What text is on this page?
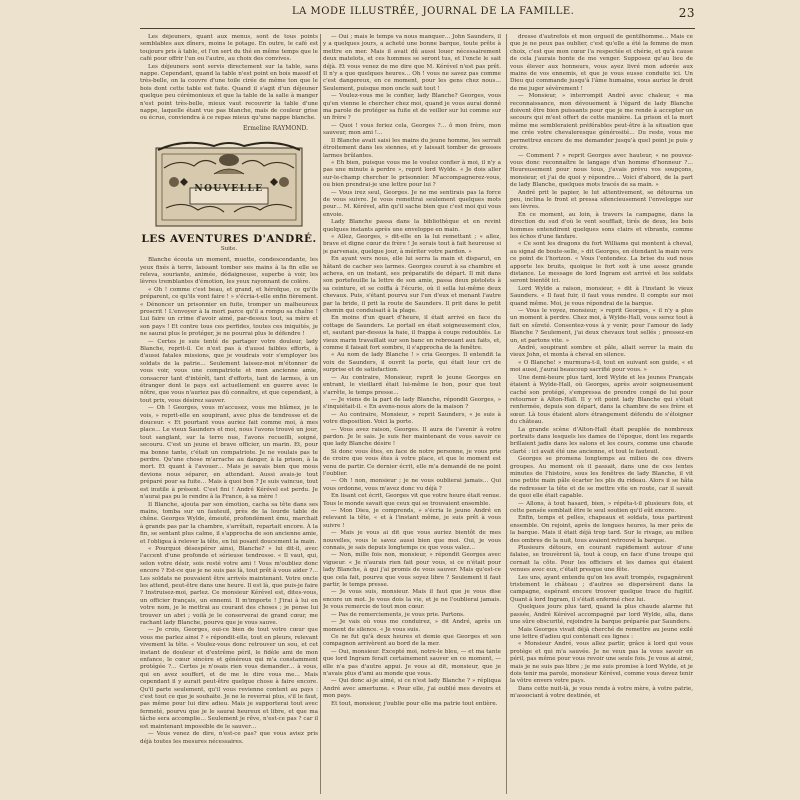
LA MODE ILLUSTRÉE, JOURNAL DE LA FAMILLE.	23

Les déjeuners, quant aux menus, sont de tous points semblables aux dîners, moins le potage. En outre, le café est toujours pris à table, et l'on sert du thé en même temps que le café pour offrir l'un ou l'autre, au choix des convives.

Les déjeuners sont servis directement sur la table, sans nappe. Cependant, quand la table n'est point en bois massif et très-belle, on la couvre d'une toile cirée de même ton que le bois dont cette table est faite. Quand il s'agit d'un déjeuner quelque peu cérémonieux et que la table de la salle à manger n'est point très-belle, mieux vaut recouvrir la table d'une nappe, laquelle étant vue pas blanche, mais de couleur grise ou écrue, conviendra à ce repas mieux qu'une nappe blanche.

Ermeline RAYMOND.
NOUVELLE
LES AVENTURES D'ANDRÉ.
Suite.

Blanche écouta un moment, muette, condescendante, les yeux fixés à terre, laissant tomber ses mains à la fin elle se releva, souriante, animée, dédaigneuse, superbe à voir, les lèvres tremblantes d'émotion, les yeux rayonnant de colère.

« Oh ! comme c'est beau, et grand, et héroïque, ce qu'ils préparent, ce qu'ils vont faire ! » s'écria-t-elle enfin fièrement. « Dénoncer un prisonnier en fuite, tromper un malheureux proscrit ! L'envoyer à la mort parce qu'il a rompu sa chaîne ! Lui faire un crime d'avoir aimé, par-dessus tout, sa mère et son pays ! Et contre tous ces perfides, toutes ces iniquités, je ne saurai plus le protéger, je ne pourrai plus le défendre !

— Certes je suis tenté de partager votre douleur, lady Blanche, reprit-il. Ce n'est pas à d'aussi faibles efforts, à d'aussi fatales missions, que je voudrais voir s'employer les soldats de la patrie… Seulement laissez-moi m'étonner de vous voir, vous une compatriote et mon ancienne amie, consacrer tant d'intérêt, tant d'efforts, tant de larmes, à un étranger dont le pays est actuellement en guerre avec le nôtre, que vous n'auriez pas dû connaître, et que cependant, à tout prix, vous désirez sauver.

— Oh ! Georges, vous m'accusez, vous me blâmez, je le vois, » reprit-elle en soupirant, avec plus de tendresse et de douceur. « Et pourtant vous auriez fait comme moi, à mes place… Le vieux Saunders et moi, nous l'avons trouvé un jour, tout sanglant, sur la terre nue, l'avons recueilli, soigné, secouru. C'est un jeune et brave officier, un marin. Et, pour ma bonne tante, c'était un compatriote. Je ne voulais pas te perdre. Qu'une chose m'arrache au danger, à la prison, à la mort. Et quant à l'avouer… Mais je savais bien que mous devions nous séparer, en attendant. Aussi avais-je tout préparé pour sa fuite… Mais à quoi bon ? Je suis vaincue, tout est inutile à présent. C'est fini ! André Kérével est perdu. Je n'aurai pas pu le rendre à la France, à sa mère !

Il Blanche, ajouta par son émotion, cacha sa tête dans ses mains, tomba sur un fauteuil, près de la lourde table de chêne. Georges Wylde, émeuté, profondément ému, marchait à grands pas par la chambre, s'arrêtait, repartait encore. À la fin, se sentant plus calme, il s'approcha de son ancienne amie, et l'obligea à relever la tête, en lui posant doucement la main.

« Pourquoi désespérer ainsi, Blanche? » lui dit-il, avec l'accent d'une profonde et sérieuse tendresse. « Il vaut, qui, selon votre désir, sois resté votre ami ! Vous m'oubliez donc encore ? Est-ce que je ne suis pas là, tout prêt à vous aider ?… Les soldats ne pouvaient être arrivés maintenant. Votre oncle les attend, peut-être dans une heure. Il est là, que puis-je faire ? Instruisez-moi, parlez. Ce monsieur Kérével est, dites-vous, un officier français, un ennemi. Il m'importe ! J'irai à lui en votre nom, je le mettrai au courant des choses ; je pense lui trouver un abri ; voilà je le conserverai de grand cœur, me rachant lady Blanche, pourvu que je vous sauve.

— Je crois, Georges, oui-ce bien de tout votre cœur que vous me parlez ainsi ? » répondit-elle, tout en pleurs, relevant vivement la tête. « Voulez-vous donc retrouver un sou, et cet instant de douleur et d'extrême péril, le fidèle ami de mon enfance, le cœur sincère et généreux qui m'a constamment protégée ?… Certes je n'osais rien vous demander… à vous, qui en avez souffert, et de me le dire vous me… Mais cependant il y aurait peut-être quelque chose à faire encore. Qu'il parte seulement, qu'il vous revienne content au pays : c'est tout ce que je souhaite. Je ne le reverrai plus, s'il le faut, pas même pour lui dire adieu. Mais je supporterai tout avec fermeté, pourvu que je le saurai heureux et libre, et que ma tâche sera accomplie… Seulement je rêve, n'est-ce pas ? car il est maintenant impossible de le sauver…

— Vous venez de dire, n'est-ce pas? que vous aviez pris déjà toutes les mesures nécessaires.

— Oui ; mais le temps va nous manquer… John Saunders, il y a quelques jours, a acheté une bonne barque, toute prête à mettre en mer. Mais il avait dû aussi louer nécessairement deux matelots, et ces hommes se seront tus, et l'oncle le sait déjà. Et vous venez de me dire que M. Kérével n'est pas prêt. Il n'y a que quelques heures… Oh ! vous ne savez pas comme c'est dangereux, en ce moment, pour les gens chez nous… Seulement, puisque mon oncle sait tout !

— Voulez-vous me le confier, lady Blanche? Georges, vous qu'en vienne le chercher chez moi, quand je vous aurai donné ma parole de protéger sa fuite et de veiller sur lui comme sur un frère ?

— Quoi ! vous feriez cela, Georges ?… ô mon frère, mon sauveur, mon ami !…

Il Blanche avait saisi les mains du jeune homme, les serrait étroitement dans les siennes, et y laissait tomber de grosses larmes brûlantes.

« Eh bien, puisque vous me le voulez confier à moi, il n'y a pas une minute à perdre », reprit lord Wylde. « Je dois aller sur-le-champ chercher le prisonnier. M'accompagnerez-vous, ou bien prendrai-je une lettre pour lui ?

— Vous irez seul, Georges. Je ne me sentirais pas la force de vous suivre. Je vous remettrai seulement quelques mots pour… M. Kérével, afin qu'il sache bien que c'est moi qui vous envoie.

Lady Blanche passa dans la bibliothèque et en revint quelques instants après une enveloppe en main.

« Allez, Georges, » dit-elle en la lui remettant ; « allez, brave et digne cœur de frère ! Je serais tout à fait heureuse si je parvenais, quelque jour, à mériter votre pardon. »

En ayant vers nous, elle lui serra la main et disparut, en hâtant de cacher ses larmes. Georges courut à sa chambre et acheva, en un instant, ses préparatifs de départ. Il mit dans son portefeuille la lettre de son amie, passa deux pistolets à sa ceinture, et se coiffa à l'écurie, où il sella lui-même deux chevaux. Puis, s'étant pourvu sur l'un d'eux et menant l'autre par la bride, il prit la route de Saunders. Il prit dans le petit chemin qui conduisait à la plage.

En moins d'un quart d'heure, il était arrivé en face du cottage de Saunders. Le portail en était soigneusement clos, et, sautant par-dessus la haie, il frappa à coups redoublés. Le vieux marin travaillait sur son banc en rebrouant aux faits, et, comme il faisait fort sombre, il s'approcha de la fenêtre.

« Au nom de lady Blanche ! » cria Georges. Il entendit la voix de Saunders, il ouvrit la porte, qui était leur cri de surprise et de satisfaction.

— Au contraire, Monsieur, reprit le jeune Georges en entrant, le vieillard était lui-même le bon, pour que tout s'arrête, le temps presse…

— Je viens de la part de lady Blanche, répondit Georges, » s'inquiétait-il. « En avons-nous alors de la maison ?

— Au contraire, Monsieur, » reprit Saunders, « je suis à votre disposition. Voici la porte.

— Vous avez raison, Georges. Il aura de l'avenir à votre pardon. Je le sais. Je suis fier maintenant de vous savoir ce que lady Blanche désire !

Si donc vous êtes, en face de notre personne, je vous prie de croire que vous êtes à votre place, et que le moment est venu de partir. Ce dernier écrit, elle m'a demandé de ne point l'oublier.

— Oh ! non, monsieur ; je ne vous oublierai jamais… Qui vous ordonne, vous m'avez donc vu déjà ?

En lisant cet écrit, Georges vit que votre heure était venue. Tous le monde savait que ceux qui se trouvaient ensemble.

— Mon Dieu, je comprends, » s'écria le jeune André en relevant la tête, « et à l'instant même, je suis prêt à vous suivre !

— Mais je vous ai dit que vous auriez bientôt de mes nouvelles, vous le savez aussi bien que moi. Oui, je vous connais, je sais depuis longtemps ce que vous valez…

— Non, mille fois non, monsieur, » répondit Georges avec vigueur. « Je n'aurais rien fait pour vous, si ce n'était pour lady Blanche, à qui j'ai promis de vous sauver. Mais qu'est-ce que cela fait, pourvu que vous soyez libre ? Seulement il faut partir, le temps presse.

— Je vous suis, monsieur. Mais il faut que je vous dise encore un mot. Je vous dois la vie, et je ne l'oublierai jamais. Je vous remercie de tout mon cœur.

— Pas de remerciements, je vous prie. Partons.

— Je vais où vous me conduirez, » dit André, après un moment de silence. « Je vous suis.

Ce ne fut qu'à deux heures et demie que Georges et son compagnon arrivèrent au bord de la mer.

— Oui, monsieur. Excepté moi, notre-le bleu, — et ma tante que lord Ingram ferait certainement sauver en ce moment, — elle n'a pas d'autre appui. Je vous ai dit, monsieur, que je n'avais plus d'ami au monde que vous.

— Qui donc ai-je aimé, si ce n'est lady Blanche ? » répliqua André avec amertume. « Pour elle, j'ai oublié mes devoirs et mon pays.

Et tout, monsieur, j'oublie pour elle ma patrie tout entière.

dresse d'autrefois et mon orgueil de gentilhomme… Mais ce que je ne peux pas oublier, c'est qu'elle a été la femme de mon choix, c'est que mon cœur l'a respectée et chérie, et qu'à cause de cela j'aurais honte de me venger. Supposez qu'au lieu de vous élever aux honneurs, vous ayez livré mon adorée aux mains de vos ennemis, et que je vous eusse conduite ici. Un Dieu qui commande jusqu'à l'âme humaine, vous auriez le droit de me juger sévèrement !

— Monsieur, » interrompit André avec chaleur, « ma reconnaissance, mon dévouement à l'égard de lady Blanche doivent être bien puissants pour que je me rende à accepter un secours qui m'est offert de cette manière. La prison et la mort même me sembleraient préférables peut-être à la situation que me crée votre chevaleresque générosité… Du reste, vous me permettrez encore de me demander jusqu'à quel point je puis y croire.

— Comment ? » reprit Georges avec hauteur, « ne pouvez-vous donc reconnaître le langage d'un homme d'honneur ?… Heureusement pour nous tous, j'avais prévu vos soupçons, monsieur, et j'ai de quoi y répondre… Voici d'abord, de la part de lady Blanche, quelques mots tracés de sa main. »

André prit le papier, le lut attentivement, se détourna un peu, inclina le front et pressa silencieusement l'enveloppe sur ses lèvres.

En ce moment, au loin, à travers la campagne, dans la direction du sud d'où le vent soufflait, tirés de deux, les bois hommes entendirent quelques sons clairs et vibrants, comme les échos d'une fanfare.

« Ce sont les dragons du fort Williams qui montent à cheval, au signal de boute-selle, » dit Georges, en étendant la main vers ce point de l'horizon. « Vous l'entendez. La brise du sud nous apporte les bruits, quoique le fort soit à une assez grande distance. Le message de lord Ingram est arrivé et les soldats seront bientôt ici.

Lord Wylde a raison, monsieur, » dit à l'instant le vieux Saunders. « Il faut fuir, il faut vous rendre. Il compte sur moi quand même. Moi, je vous répondrai de la barque.

— Vous le voyez, monsieur, » reprit Georges, « il n'y a plus un moment à perdre. Chez moi, à Wylde-Hall, vous serez tout à fait en sûreté. Consentez-vous à y venir, pour l'amour de lady Blanche ? Seulement, j'ai deux chevaux tout sellés ; pressez-en un, et partons vite. »

André, soupirant sombre et pâle, allait serrer la main du vieux John, et monta à cheval en silence.

« O Blanche! » murmura-t-il, tout en suivant son guide, « et moi aussi, j'aurai beaucoup sacrifié pour vous. »

Une demi-heure plus tard, lord Wylde et les jeunes Français étaient à Wylde-Hall, où Georges, après avoir soigneusement caché son protégé, s'empressa de prendre congé de lui pour retourner à Alton-Hall. Il y vit point lady Blanche qui s'était renfermée, depuis son départ, dans la chambre de ses frère et sœur. Là tous étaient alors étrangement défendu de s'éloigner du château.

La grande scène d'Alton-Hall était peuplée de nombreux portraits dans lesquels les dames de l'époque, dont les regards brillaient jadis dans les salons et les cours, comme une chaude clarté : ici avait été une ancienne, et tout le fauteuil.

Georges se promena longtemps au milieu de ces divers groupes. Au moment où il passait, dans une de ces lentes minutes de l'histoire, sous les fenêtres de lady Blanche, il vit une petite main pâle écarter les plis du rideau. Alors il se hâta de redresser la tête et de se mettre vite en route, car il savait de quoi elle était capable.

— Allons, à tout hasard, bien, » répéta-t-il plusieurs fois, et cette pensée semblait être le seul soutien qu'il eût encore.

Enfin, temps et pelles, chapeaux et soldats, tous partirent ensemble. On rejoint, après de longues heures, la mer près de la barque. Mais il était déjà trop tard. Sur le rivage, au milieu des ombres de la nuit, tous avaient retrouvé la barque.

Plusieurs détours, en courant rapidement autour d'une falaise, se trouvèrent là, tout à coup, en face d'une troupe qui cernait la côte. Pour les officiers et les dames qui étaient venues avec eux, c'était presque une fête.

Les uns, ayant entendu qu'on les avait trompés, regagnèrent tristement le château ; d'autres se dispersèrent dans la campagne, espérant encore trouver quelque trace du fugitif. Quant à lord Ingram, il s'était enfermé chez lui.

Quelques jours plus tard, quand la plus chaude alarme fut passée, André Kérével accompagné par lord Wylde, alla, dans une sûre obscurité, rejoindre la barque préparée par Saunders.

Mais Georges vivait déjà cherché de remettre au jeune exilé une lettre d'adieu qui contenait ces lignes :

« Monsieur André, vous allez partir, grâce à lord qui vous protège et qui m'a sauvée. Je ne veux pas la vous savoir en péril, pas même pour vous revoir une seule fois. Je vous ai aimé, mais je ne suis pas libre ; je me suis promise à lord Wylde, et je dois tenir ma parole, monsieur Kérével, comme vous devez tenir la vôtre envers votre pays.

Dans cette nuit-là, je vous rends à votre mère, à votre patrie, m'associant à votre destinée, et
